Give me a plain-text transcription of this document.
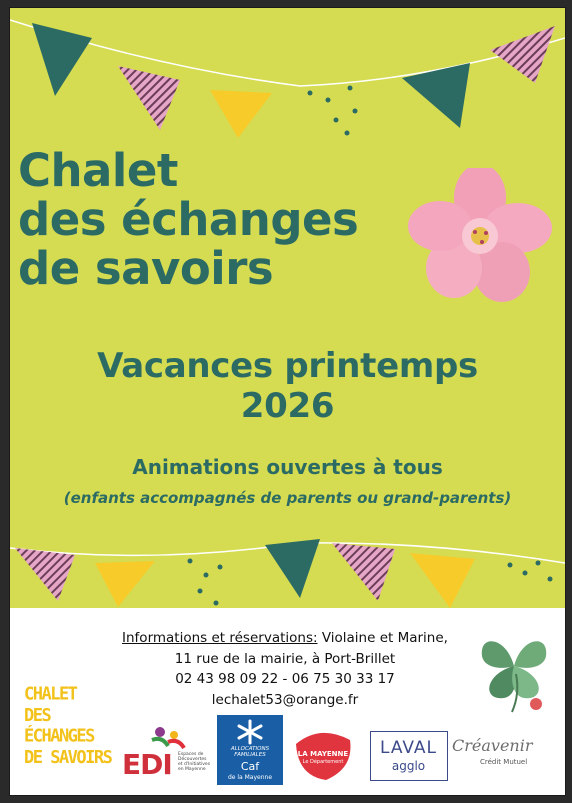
Chalet
des échanges
de savoirs
Vacances printemps
2026
Animations ouvertes à tous
(enfants accompagnés de parents ou grand-parents)
Informations et réservations: Violaine et Marine,
11 rue de la mairie, à Port-Brillet
02 43 98 09 22 - 06 75 30 33 17
lechalet53@orange.fr
CHALET
DES
ÉCHANGES
DE SAVOIRS EDI Espaces de Découvertes et d'Initiatives en Mayenne
ALLOCATIONS
FAMILIALES
Caf
de la Mayenne
LA MAYENNE
Le Département
LAVAL
agglo
Créavenir
Crédit Mutuel
